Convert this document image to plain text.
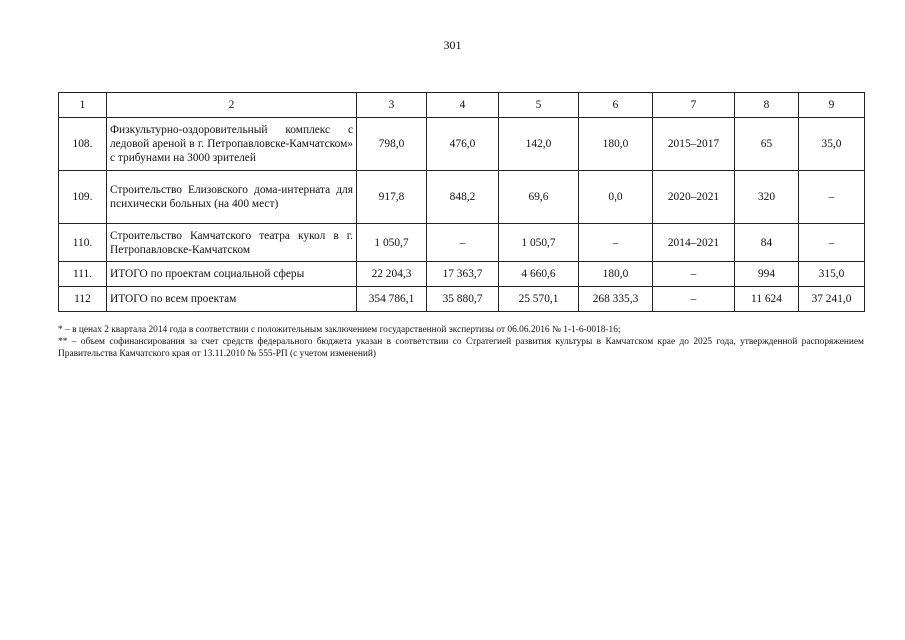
301
1	2	3	4	5	6	7	8	9
108.	Физкультурно-оздоровительный комплекс с ледовой ареной в г. Петропавловске-Камчатском» с трибунами на 3000 зрителей	798,0	476,0	142,0	180,0	2015–2017	65	35,0
109.	Строительство Елизовского дома-интерната для психически больных (на 400 мест)	917,8	848,2	69,6	0,0	2020–2021	320	–
110.	Строительство Камчатского театра кукол в г. Петропавловске-Камчатском	1 050,7	–	1 050,7	–	2014–2021	84	–
111.	ИТОГО по проектам социальной сферы	22 204,3	17 363,7	4 660,6	180,0	–	994	315,0
112	ИТОГО по всем проектам	354 786,1	35 880,7	25 570,1	268 335,3	–	11 624	37 241,0

* – в ценах 2 квартала 2014 года в соответствии с положительным заключением государственной экспертизы от 06.06.2016 № 1-1-6-0018-16;

** – объем софинансирования за счет средств федерального бюджета указан в соответствии со Стратегией развития культуры в Камчатском крае до 2025 года, утвержденной распоряжением Правительства Камчатского края от 13.11.2010 № 555-РП (с учетом изменений)
